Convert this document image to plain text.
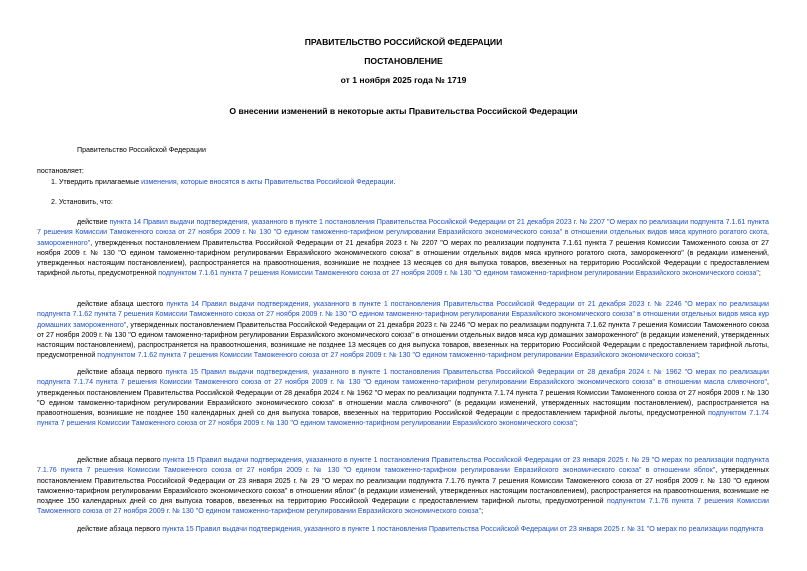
ПРАВИТЕЛЬСТВО РОССИЙСКОЙ ФЕДЕРАЦИИ
ПОСТАНОВЛЕНИЕ
от 1 ноября 2025 года № 1719
О внесении изменений в некоторые акты Правительства Российской Федерации

Правительство Российской Федерации

постановляет:

1. Утвердить прилагаемые изменения, которые вносятся в акты Правительства Российской Федерации.

2. Установить, что:

действие пункта 14 Правил выдачи подтверждения, указанного в пункте 1 постановления Правительства Российской Федерации от 21 декабря 2023 г. № 2207 "О мерах по реализации подпункта 7.1.61 пункта 7 решения Комиссии Таможенного союза от 27 ноября 2009 г. № 130 "О едином таможенно-тарифном регулировании Евразийского экономического союза" в отношении отдельных видов мяса крупного рогатого скота, замороженного", утвержденных постановлением Правительства Российской Федерации от 21 декабря 2023 г. № 2207 "О мерах по реализации подпункта 7.1.61 пункта 7 решения Комиссии Таможенного союза от 27 ноября 2009 г. № 130 "О едином таможенно-тарифном регулировании Евразийского экономического союза" в отношении отдельных видов мяса крупного рогатого скота, замороженного" (в редакции изменений, утвержденных настоящим постановлением), распространяется на правоотношения, возникшие не позднее 13 месяцев со дня выпуска товаров, ввезенных на территорию Российской Федерации с предоставлением тарифной льготы, предусмотренной подпунктом 7.1.61 пункта 7 решения Комиссии Таможенного союза от 27 ноября 2009 г. № 130 "О едином таможенно-тарифном регулировании Евразийского экономического союза";

действие абзаца шестого пункта 14 Правил выдачи подтверждения, указанного в пункте 1 постановления Правительства Российской Федерации от 21 декабря 2023 г. № 2246 "О мерах по реализации подпункта 7.1.62 пункта 7 решения Комиссии Таможенного союза от 27 ноября 2009 г. № 130 "О едином таможенно-тарифном регулировании Евразийского экономического союза" в отношении отдельных видов мяса кур домашних замороженного", утвержденных постановлением Правительства Российской Федерации от 21 декабря 2023 г. № 2246 "О мерах по реализации подпункта 7.1.62 пункта 7 решения Комиссии Таможенного союза от 27 ноября 2009 г. № 130 "О едином таможенно-тарифном регулировании Евразийского экономического союза" в отношении отдельных видов мяса кур домашних замороженного" (в редакции изменений, утвержденных настоящим постановлением), распространяется на правоотношения, возникшие не позднее 13 месяцев со дня выпуска товаров, ввезенных на территорию Российской Федерации с предоставлением тарифной льготы, предусмотренной подпунктом 7.1.62 пункта 7 решения Комиссии Таможенного союза от 27 ноября 2009 г. № 130 "О едином таможенно-тарифном регулировании Евразийского экономического союза";

действие абзаца первого пункта 15 Правил выдачи подтверждения, указанного в пункте 1 постановления Правительства Российской Федерации от 28 декабря 2024 г. № 1962 "О мерах по реализации подпункта 7.1.74 пункта 7 решения Комиссии Таможенного союза от 27 ноября 2009 г. № 130 "О едином таможенно-тарифном регулировании Евразийского экономического союза" в отношении масла сливочного", утвержденных постановлением Правительства Российской Федерации от 28 декабря 2024 г. № 1962 "О мерах по реализации подпункта 7.1.74 пункта 7 решения Комиссии Таможенного союза от 27 ноября 2009 г. № 130 "О едином таможенно-тарифном регулировании Евразийского экономического союза" в отношении масла сливочного" (в редакции изменений, утвержденных настоящим постановлением), распространяется на правоотношения, возникшие не позднее 150 календарных дней со дня выпуска товаров, ввезенных на территорию Российской Федерации с предоставлением тарифной льготы, предусмотренной подпунктом 7.1.74 пункта 7 решения Комиссии Таможенного союза от 27 ноября 2009 г. № 130 "О едином таможенно-тарифном регулировании Евразийского экономического союза";

действие абзаца первого пункта 15 Правил выдачи подтверждения, указанного в пункте 1 постановления Правительства Российской Федерации от 23 января 2025 г. № 29 "О мерах по реализации подпункта 7.1.76 пункта 7 решения Комиссии Таможенного союза от 27 ноября 2009 г. № 130 "О едином таможенно-тарифном регулировании Евразийского экономического союза" в отношении яблок", утвержденных постановлением Правительства Российской Федерации от 23 января 2025 г. № 29 "О мерах по реализации подпункта 7.1.76 пункта 7 решения Комиссии Таможенного союза от 27 ноября 2009 г. № 130 "О едином таможенно-тарифном регулировании Евразийского экономического союза" в отношении яблок" (в редакции изменений, утвержденных настоящим постановлением), распространяется на правоотношения, возникшие не позднее 150 календарных дней со дня выпуска товаров, ввезенных на территорию Российской Федерации с предоставлением тарифной льготы, предусмотренной подпунктом 7.1.76 пункта 7 решения Комиссии Таможенного союза от 27 ноября 2009 г. № 130 "О едином таможенно-тарифном регулировании Евразийского экономического союза";

действие абзаца первого пункта 15 Правил выдачи подтверждения, указанного в пункте 1 постановления Правительства Российской Федерации от 23 января 2025 г. № 31 "О мерах по реализации подпункта
